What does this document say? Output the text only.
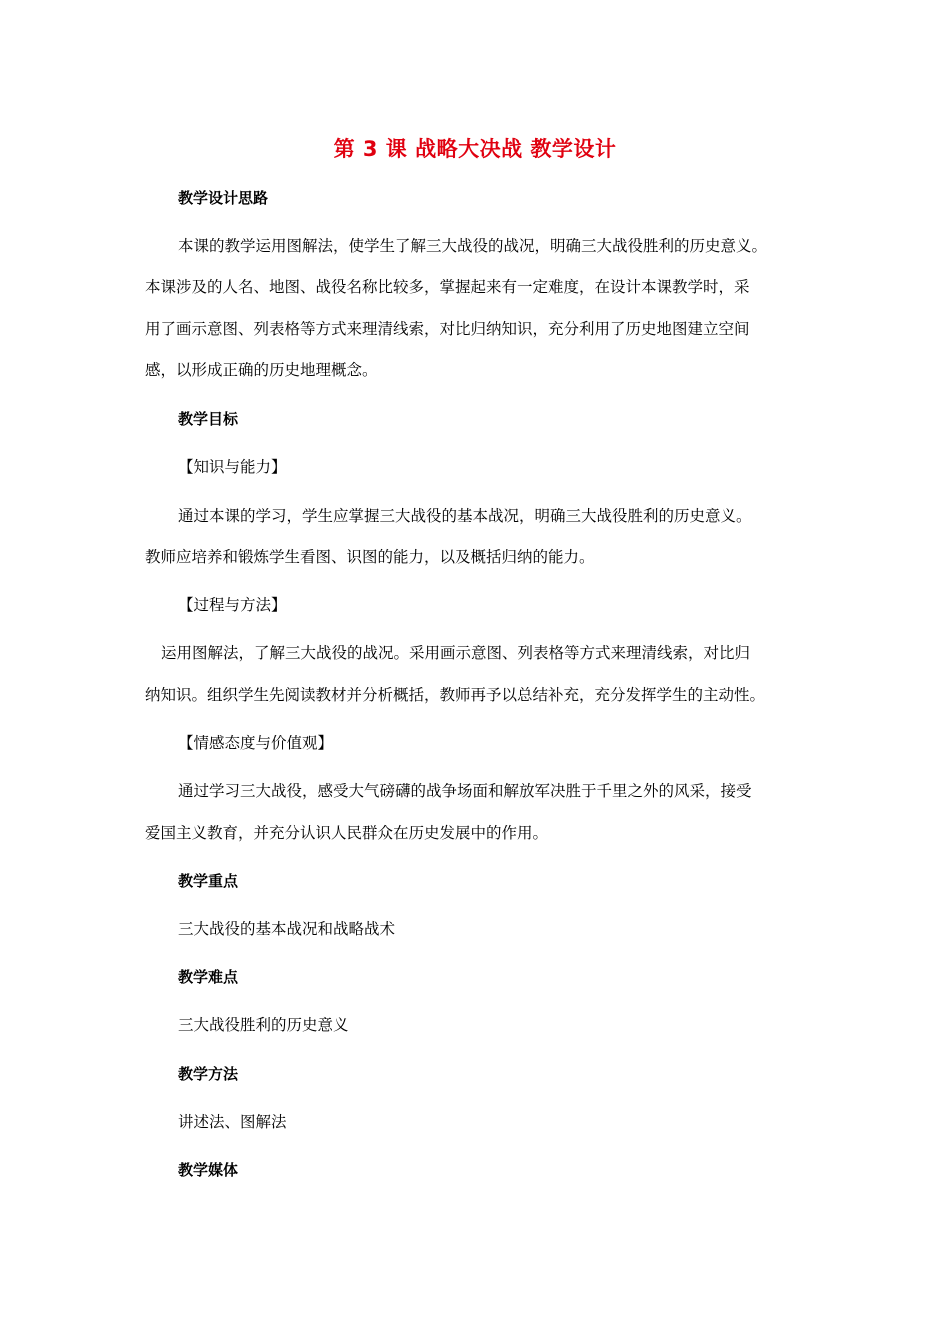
第 3 课 战略大决战 教学设计
教学设计思路
本课的教学运用图解法，使学生了解三大战役的战况，明确三大战役胜利的历史意义。
本课涉及的人名、地图、战役名称比较多，掌握起来有一定难度，在设计本课教学时，采
用了画示意图、列表格等方式来理清线索，对比归纳知识，充分利用了历史地图建立空间
感，以形成正确的历史地理概念。
教学目标
【知识与能力】
通过本课的学习，学生应掌握三大战役的基本战况，明确三大战役胜利的历史意义。
教师应培养和锻炼学生看图、识图的能力，以及概括归纳的能力。
【过程与方法】
运用图解法，了解三大战役的战况。采用画示意图、列表格等方式来理清线索，对比归
纳知识。组织学生先阅读教材并分析概括，教师再予以总结补充，充分发挥学生的主动性。
【情感态度与价值观】
通过学习三大战役，感受大气磅礴的战争场面和解放军决胜于千里之外的风采，接受
爱国主义教育，并充分认识人民群众在历史发展中的作用。
教学重点
三大战役的基本战况和战略战术
教学难点
三大战役胜利的历史意义
教学方法
讲述法、图解法
教学媒体
